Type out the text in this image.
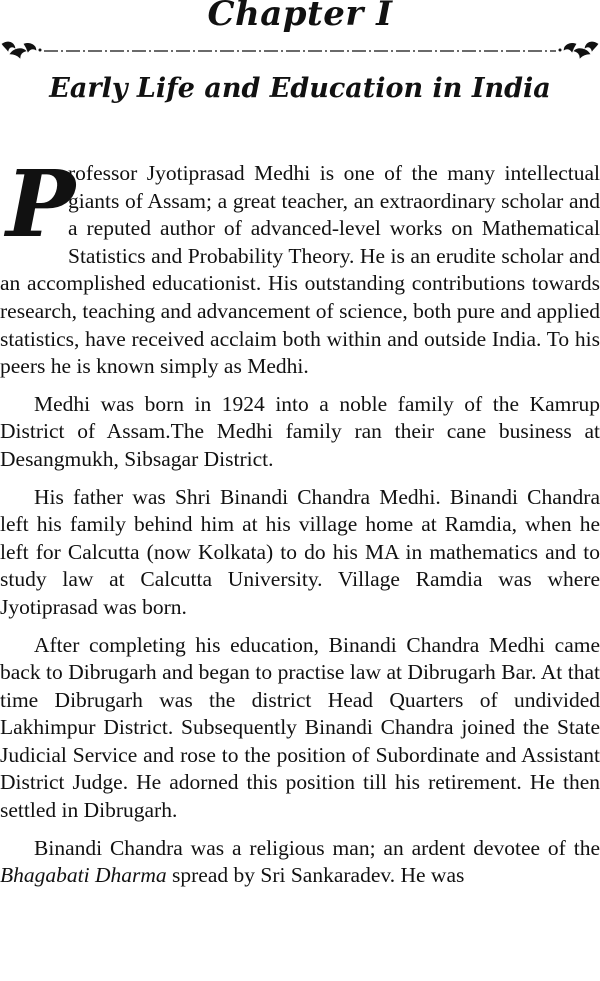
Chapter I
Early Life and Education in India

P
rofessor Jyotiprasad Medhi is one of the many intellectual giants of Assam; a great teacher, an extraordinary scholar and a reputed author of advanced-level works on Mathematical Statistics and Probability Theory. He is an erudite scholar and an accomplished educationist. His outstanding contributions towards research, teaching and advancement of science, both pure and applied statistics, have received acclaim both within and outside India. To his peers he is known simply as Medhi.

Medhi was born in 1924 into a noble family of the Kamrup District of Assam.The Medhi family ran their cane business at Desangmukh, Sibsagar District.

His father was Shri Binandi Chandra Medhi. Binandi Chandra left his family behind him at his village home at Ramdia, when he left for Calcutta (now Kolkata) to do his MA in mathematics and to study law at Calcutta University. Village Ramdia was where Jyotiprasad was born.

After completing his education, Binandi Chandra Medhi came back to Dibrugarh and began to practise law at Dibrugarh Bar. At that time Dibrugarh was the district Head Quarters of undivided Lakhimpur District. Subsequently Binandi Chandra joined the State Judicial Service and rose to the position of Subordinate and Assistant District Judge. He adorned this position till his retirement. He then settled in Dibrugarh.

Binandi Chandra was a religious man; an ardent devotee of the Bhagabati Dharma spread by Sri Sankaradev. He was
